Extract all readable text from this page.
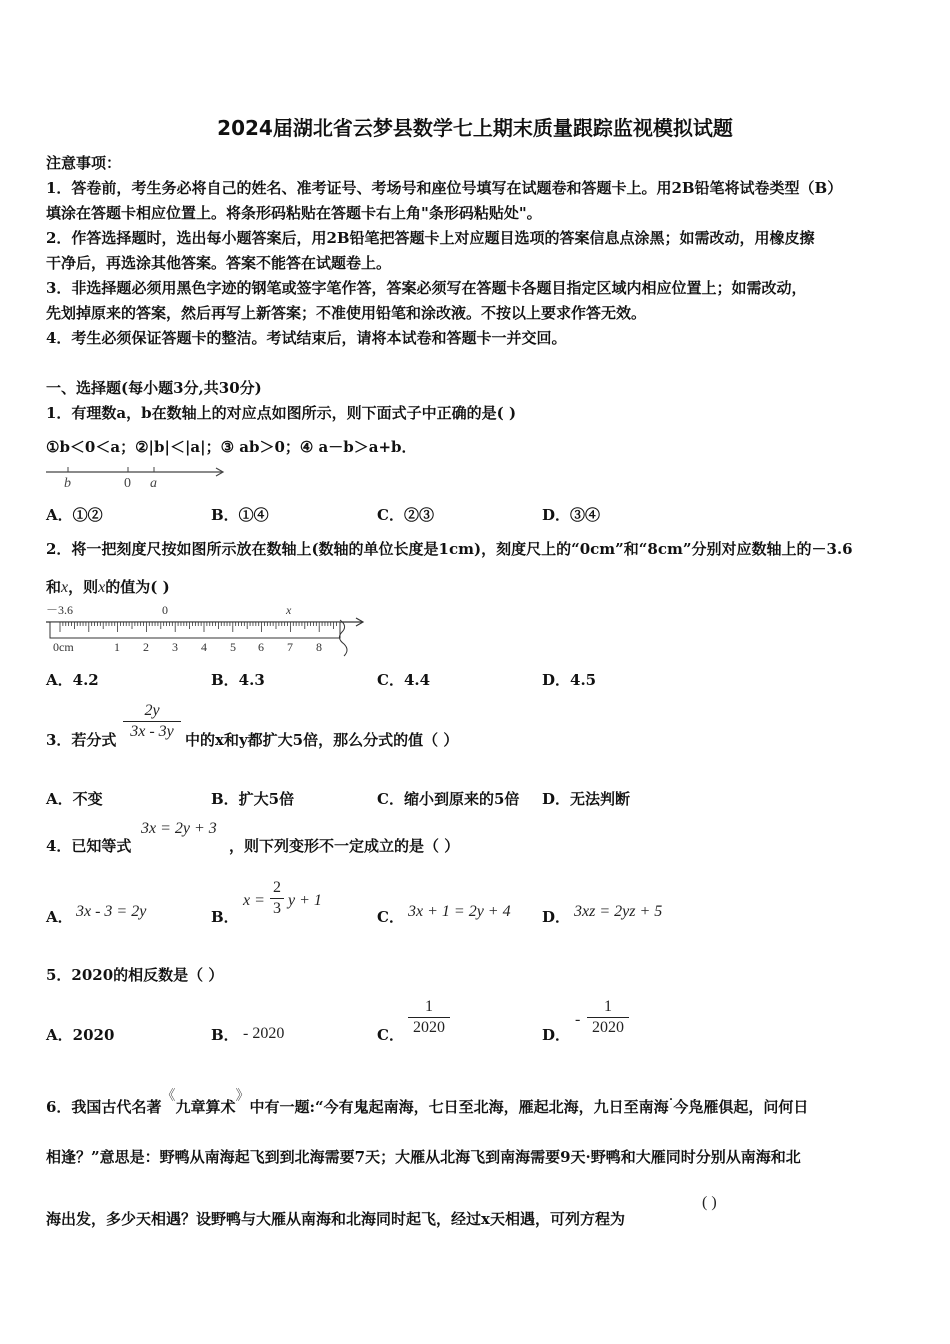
2024届湖北省云梦县数学七上期末质量跟踪监视模拟试题
注意事项：
1．答卷前，考生务必将自己的姓名、准考证号、考场号和座位号填写在试题卷和答题卡上。用2B铅笔将试卷类型（B）
填涂在答题卡相应位置上。将条形码粘贴在答题卡右上角"条形码粘贴处"。
2．作答选择题时，选出每小题答案后，用2B铅笔把答题卡上对应题目选项的答案信息点涂黑；如需改动，用橡皮擦
干净后，再选涂其他答案。答案不能答在试题卷上。
3．非选择题必须用黑色字迹的钢笔或签字笔作答，答案必须写在答题卡各题目指定区域内相应位置上；如需改动，
先划掉原来的答案，然后再写上新答案；不准使用铅笔和涂改液。不按以上要求作答无效。
4．考生必须保证答题卡的整洁。考试结束后，请将本试卷和答题卡一并交回。
一、选择题(每小题3分,共30分)
1．有理数a，b在数轴上的对应点如图所示，则下面式子中正确的是( )
①b＜0＜a；②|b|＜|a|；③ ab＞0；④ a－b＞a+b．
b	0 a
A．①②	B．①④	C．②③	D．③④
2．将一把刻度尺按如图所示放在数轴上(数轴的单位长度是1cm)，刻度尺上的“0cm”和“8cm”分别对应数轴上的－3.6
和x，则x的值为( )
－3.6	0	x
0cm	1 2 3 4 5 6 7 8
A．4.2	B．4.3	C．4.4	D．4.5
3．若分式
2y
3x - 3y 中的x和y都扩大5倍，那么分式的值（ ）
A．不变	B．扩大5倍	C．缩小到原来的5倍 D．无法判断
4．已知等式
3x = 2y + 3
，则下列变形不一定成立的是（ ）
A． 3x - 3 = 2y	B．
x =
2
3 y + 1
C． 3x + 1 = 2y + 4 D． 3xz = 2yz + 5
5．2020的相反数是（ ）
A．2020	B． - 2020	C．
1
2020	D．
-
1
2020
6．我国古代名著《九章算术》中有一题:“今有鬼起南海，七日至北海，雁起北海，九日至南海·今凫雁俱起，问何日
相逢？”意思是：野鸭从南海起飞到到北海需要7天；大雁从北海飞到南海需要9天·野鸭和大雁同时分别从南海和北
海出发，多少天相遇？设野鸭与大雁从南海和北海同时起飞，经过x天相遇，可列方程为
( )
